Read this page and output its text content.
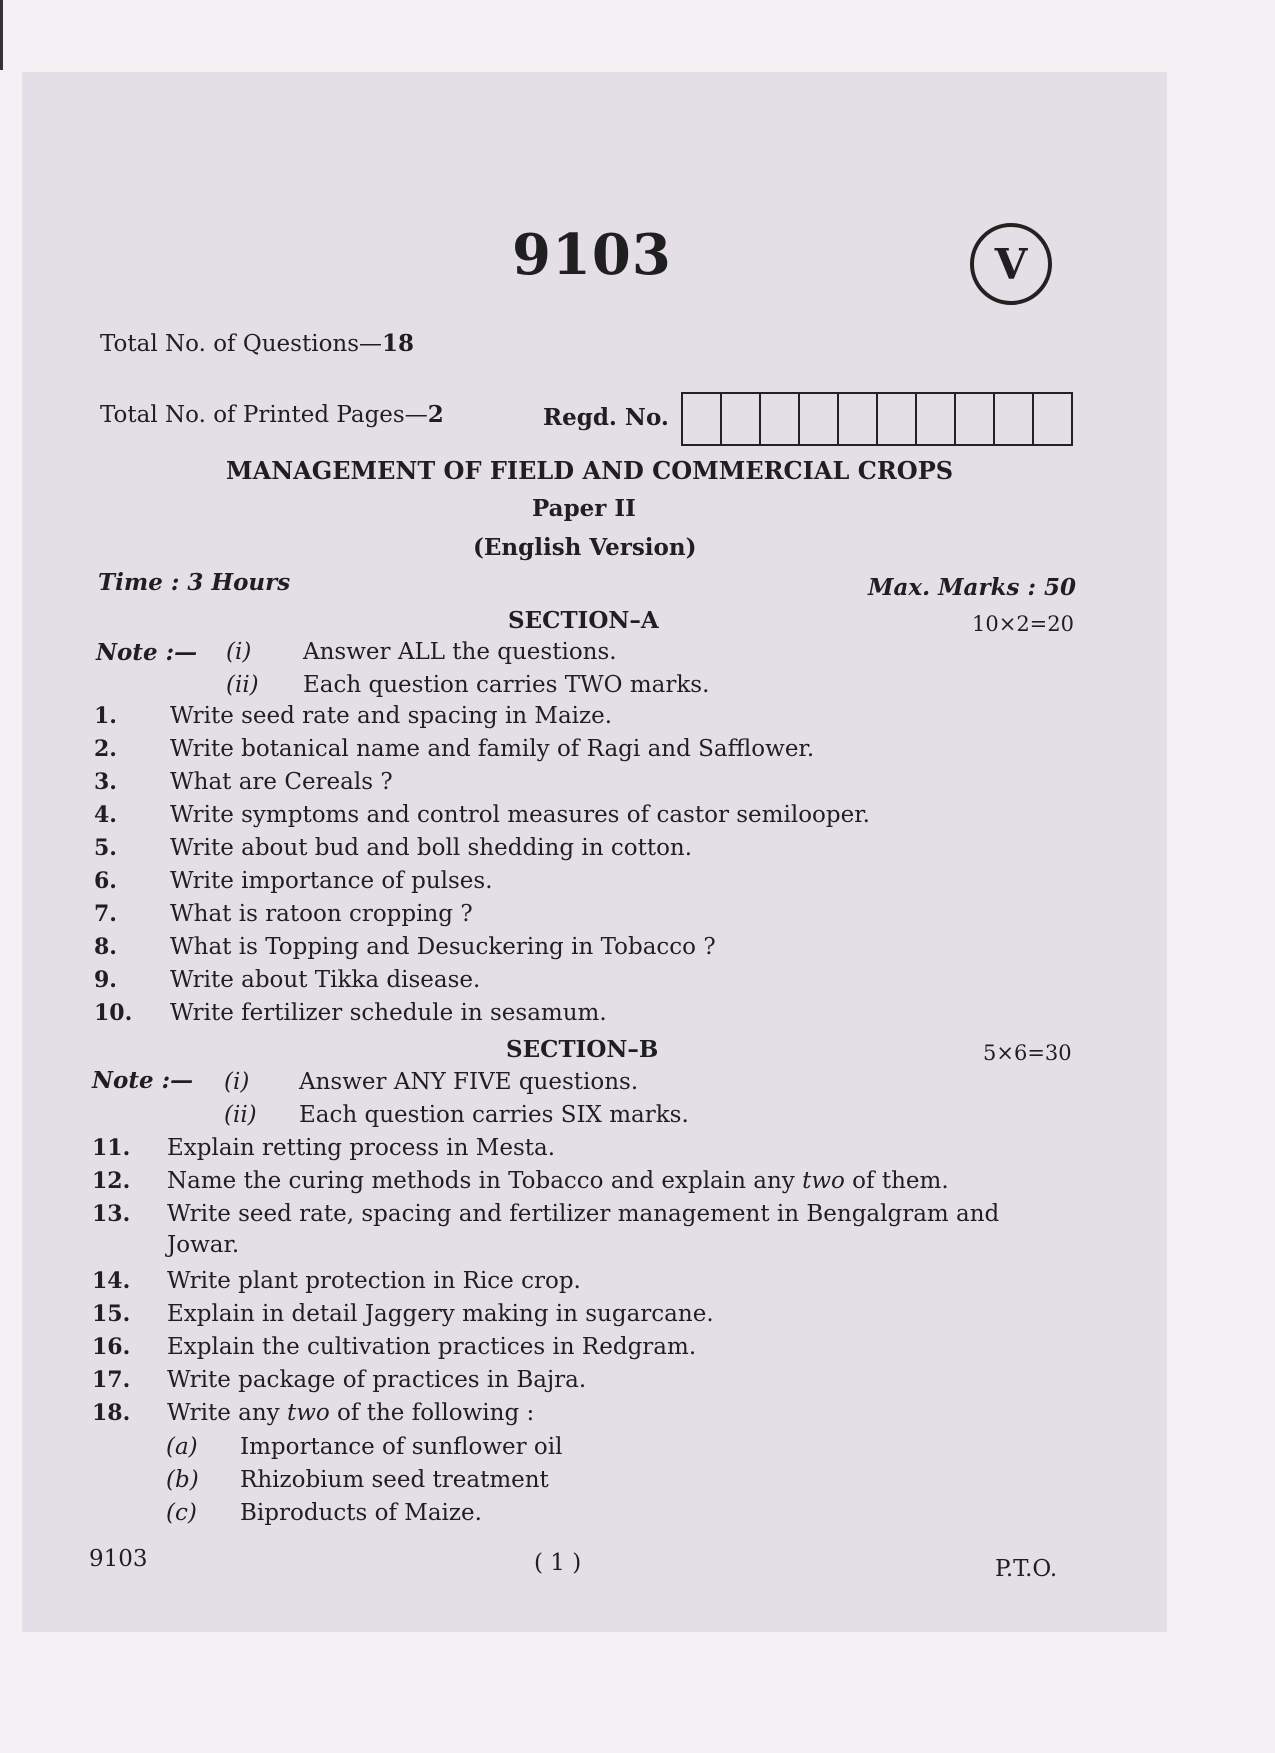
9103	V
Total No. of Questions—18
Total No. of Printed Pages—2	Regd. No.
MANAGEMENT OF FIELD AND COMMERCIAL CROPS
Paper II
(English Version)
Time : 3 Hours	Max. Marks : 50
SECTION–A	10×2=20
Note :— (i) Answer ALL the questions.
(ii) Each question carries TWO marks.
1. Write seed rate and spacing in Maize.
2. Write botanical name and family of Ragi and Safflower.
3. What are Cereals ?
4. Write symptoms and control measures of castor semilooper.
5. Write about bud and boll shedding in cotton.
6. Write importance of pulses.
7. What is ratoon cropping ?
8. What is Topping and Desuckering in Tobacco ?
9. Write about Tikka disease.
10. Write fertilizer schedule in sesamum.
SECTION–B	5×6=30
Note :— (i) Answer ANY FIVE questions.
(ii) Each question carries SIX marks.
11. Explain retting process in Mesta.
12. Name the curing methods in Tobacco and explain any two of them.
13. Write seed rate, spacing and fertilizer management in Bengalgram and
Jowar.
14. Write plant protection in Rice crop.
15. Explain in detail Jaggery making in sugarcane.
16. Explain the cultivation practices in Redgram.
17. Write package of practices in Bajra.
18. Write any two of the following :
(a) Importance of sunflower oil
(b) Rhizobium seed treatment
(c) Biproducts of Maize.
9103	( 1 )	P.T.O.
